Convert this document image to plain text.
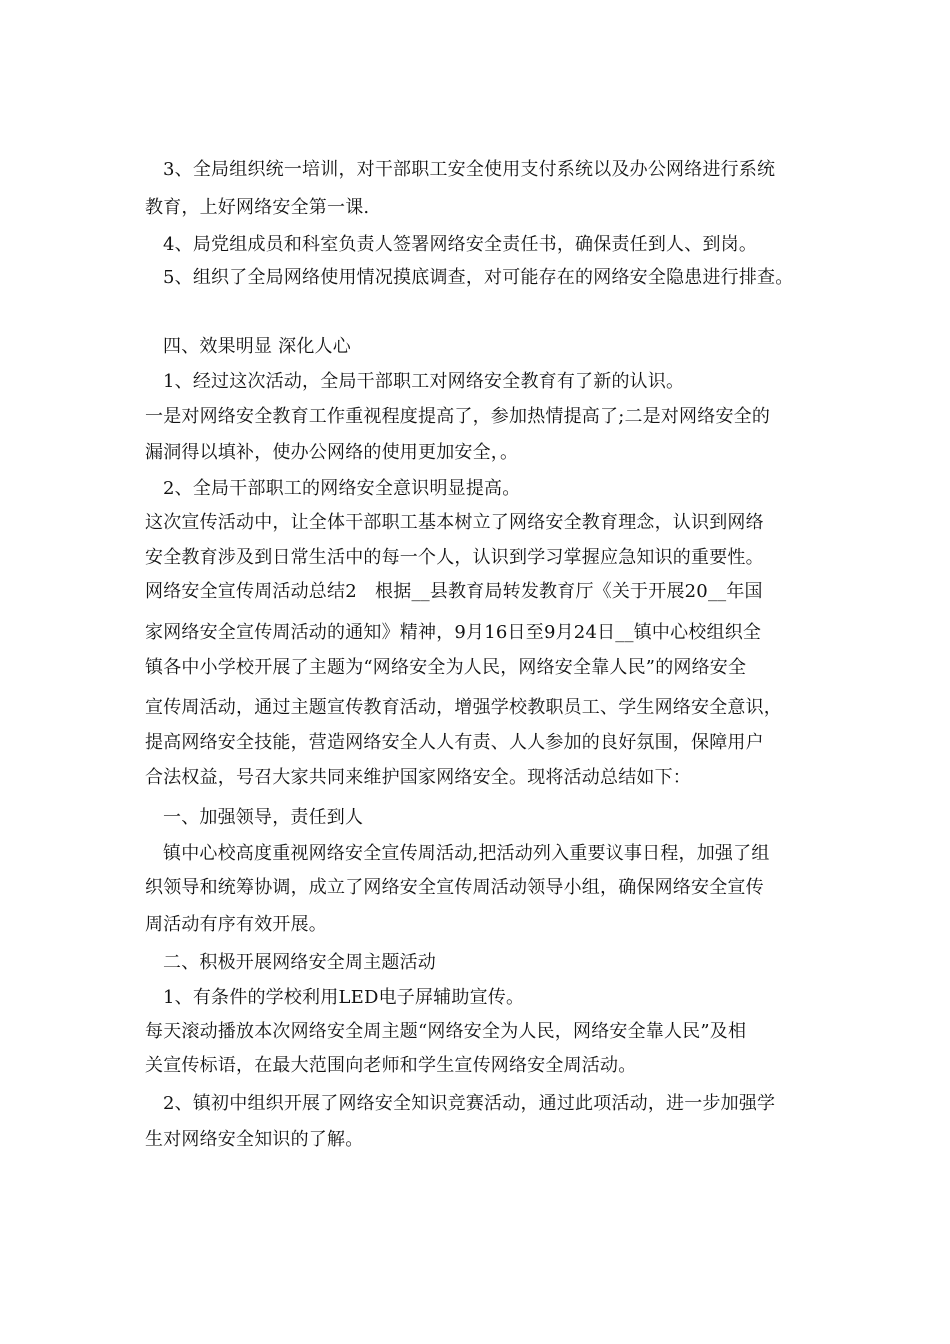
3、全局组织统一培训，对干部职工安全使用支付系统以及办公网络进行系统
教育，上好网络安全第一课.
4、局党组成员和科室负责人签署网络安全责任书，确保责任到人、到岗。
5、组织了全局网络使用情况摸底调查，对可能存在的网络安全隐患进行排查。
四、效果明显 深化人心
1、经过这次活动，全局干部职工对网络安全教育有了新的认识。
一是对网络安全教育工作重视程度提高了，参加热情提高了;二是对网络安全的
漏洞得以填补，使办公网络的使用更加安全，。
2、全局干部职工的网络安全意识明显提高。
这次宣传活动中，让全体干部职工基本树立了网络安全教育理念，认识到网络
安全教育涉及到日常生活中的每一个人，认识到学习掌握应急知识的重要性。
网络安全宣传周活动总结2　根据__县教育局转发教育厅《关于开展20__年国
家网络安全宣传周活动的通知》精神，9月16日至9月24日__镇中心校组织全
镇各中小学校开展了主题为“网络安全为人民，网络安全靠人民”的网络安全
宣传周活动，通过主题宣传教育活动，增强学校教职员工、学生网络安全意识，
提高网络安全技能，营造网络安全人人有责、人人参加的良好氛围，保障用户
合法权益，号召大家共同来维护国家网络安全。现将活动总结如下：
一、加强领导，责任到人
镇中心校高度重视网络安全宣传周活动,把活动列入重要议事日程，加强了组
织领导和统筹协调，成立了网络安全宣传周活动领导小组，确保网络安全宣传
周活动有序有效开展。
二、积极开展网络安全周主题活动
1、有条件的学校利用LED电子屏辅助宣传。
每天滚动播放本次网络安全周主题“网络安全为人民，网络安全靠人民”及相
关宣传标语，在最大范围向老师和学生宣传网络安全周活动。
2、镇初中组织开展了网络安全知识竞赛活动，通过此项活动，进一步加强学
生对网络安全知识的了解。
